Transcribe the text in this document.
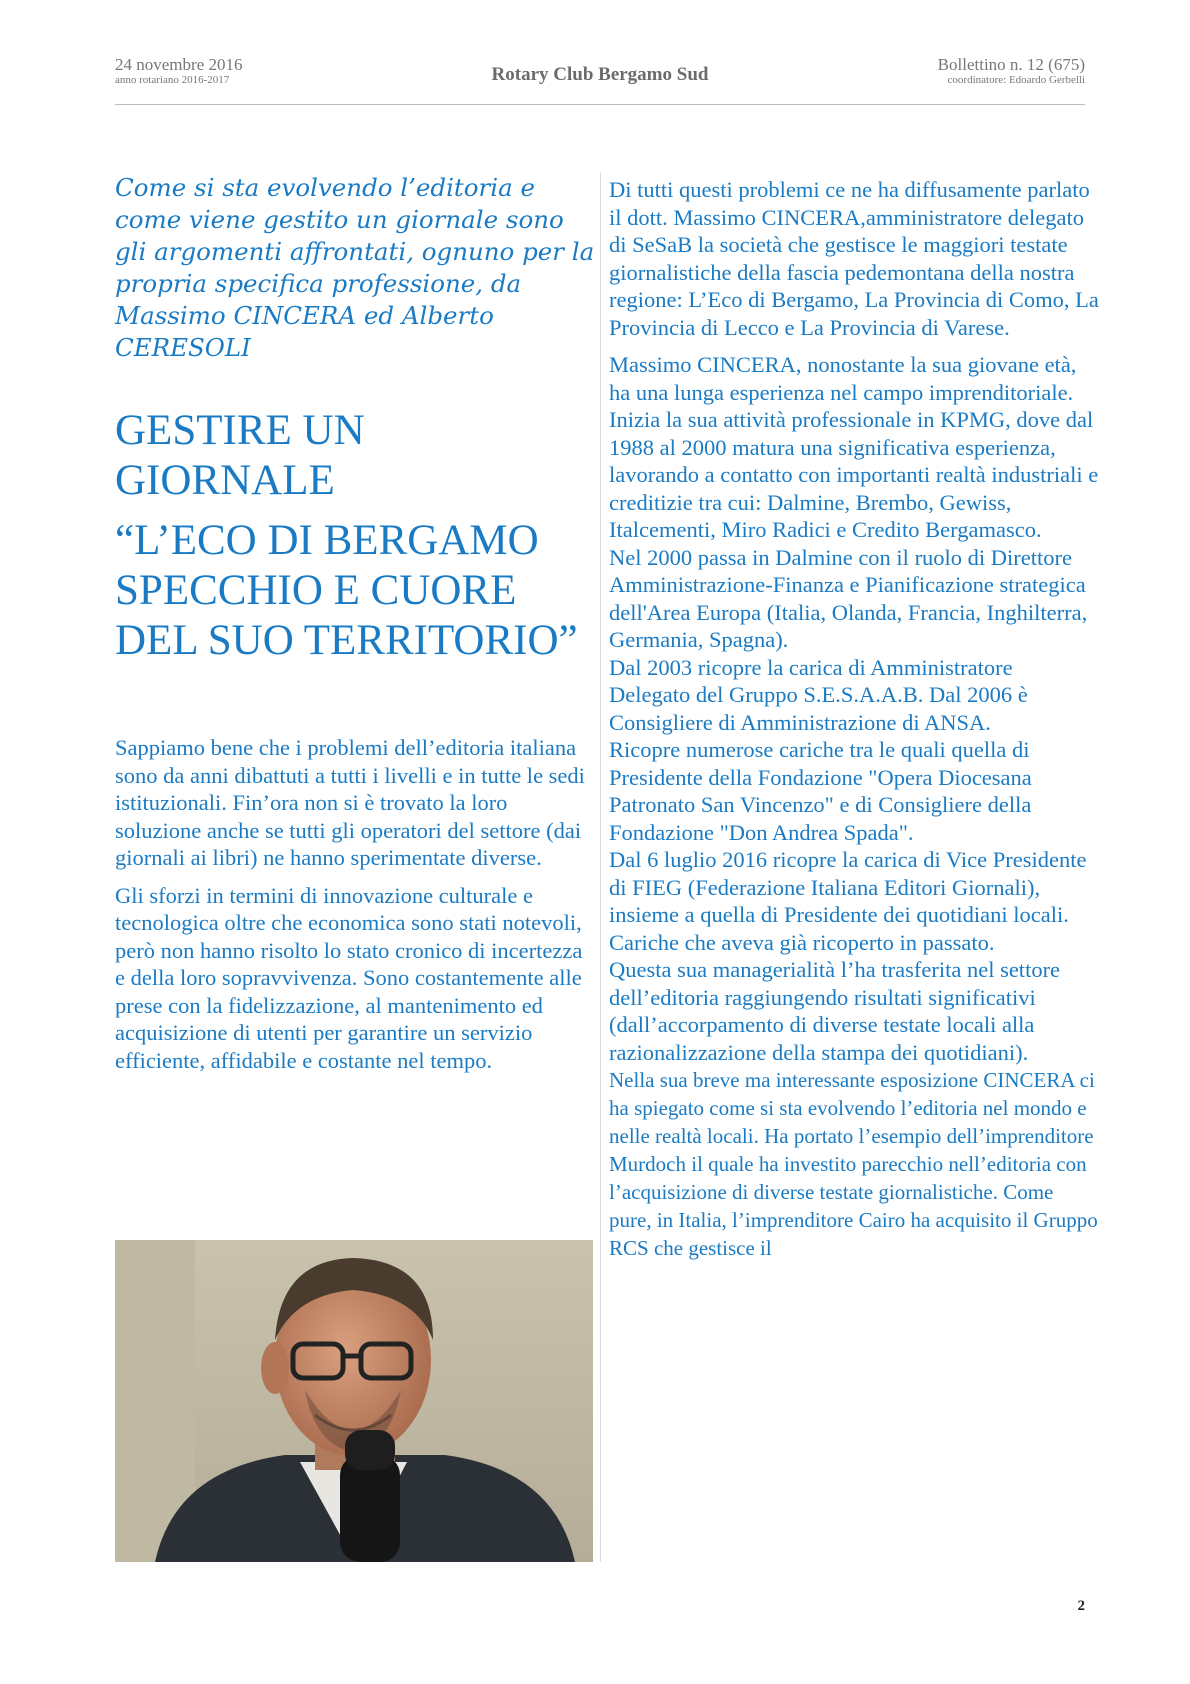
24 novembre 2016
anno rotariano 2016-2017	Rotary Club Bergamo Sud	Bollettino n. 12 (675)
coordinatore: Edoardo Gerbelli

Come si sta evolvendo l’editoria e come viene gestito un giornale sono gli argomenti affrontati, ognuno per la propria specifica professione, da Massimo CINCERA ed Alberto CERESOLI

GESTIRE UN GIORNALE

“L’ECO DI BERGAMO SPECCHIO E CUORE DEL SUO TERRITORIO”

Sappiamo bene che i problemi dell’editoria italiana sono da anni dibattuti a tutti i livelli e in tutte le sedi istituzionali. Fin’ora non si è trovato la loro soluzione anche se tutti gli operatori del settore (dai giornali ai libri) ne hanno sperimentate diverse.

Gli sforzi in termini di innovazione culturale e tecnologica oltre che economica sono stati notevoli, però non hanno risolto lo stato cronico di incertezza e della loro sopravvivenza. Sono costantemente alle prese con la fidelizzazione, al mantenimento ed acquisizione di utenti per garantire un servizio efficiente, affidabile e costante nel tempo.

Di tutti questi problemi ce ne ha diffusamente parlato il dott. Massimo CINCERA,amministratore delegato di SeSaB la società che gestisce le maggiori testate giornalistiche della fascia pedemontana della nostra regione: L’Eco di Bergamo, La Provincia di Como, La Provincia di Lecco e La Provincia di Varese.

Massimo CINCERA, nonostante la sua giovane età, ha una lunga esperienza nel campo imprenditoriale. Inizia la sua attività professionale in KPMG, dove dal 1988 al 2000 matura una significativa esperienza, lavorando a contatto con importanti realtà industriali e creditizie tra cui: Dalmine, Brembo, Gewiss, Italcementi, Miro Radici e Credito Bergamasco.

Nel 2000 passa in Dalmine con il ruolo di Direttore Amministrazione-Finanza e Pianificazione strategica dell'Area Europa (Italia, Olanda, Francia, Inghilterra, Germania, Spagna).

Dal 2003 ricopre la carica di Amministratore Delegato del Gruppo S.E.S.A.A.B. Dal 2006 è Consigliere di Amministrazione di ANSA.

Ricopre numerose cariche tra le quali quella di Presidente della Fondazione "Opera Diocesana Patronato San Vincenzo" e di Consigliere della Fondazione "Don Andrea Spada".

Dal 6 luglio 2016 ricopre la carica di Vice Presidente di FIEG (Federazione Italiana Editori Giornali), insieme a quella di Presidente dei quotidiani locali. Cariche che aveva già ricoperto in passato.

Questa sua managerialità l’ha trasferita nel settore dell’editoria raggiungendo risultati significativi (dall’accorpamento di diverse testate locali alla razionalizzazione della stampa dei quotidiani).

Nella sua breve ma interessante esposizione CINCERA ci ha spiegato come si sta evolvendo l’editoria nel mondo e nelle realtà locali. Ha portato l’esempio dell’imprenditore Murdoch il quale ha investito parecchio nell’editoria con l’acquisizione di diverse testate giornalistiche. Come pure, in Italia, l’imprenditore Cairo ha acquisito il Gruppo RCS che gestisce il

2
